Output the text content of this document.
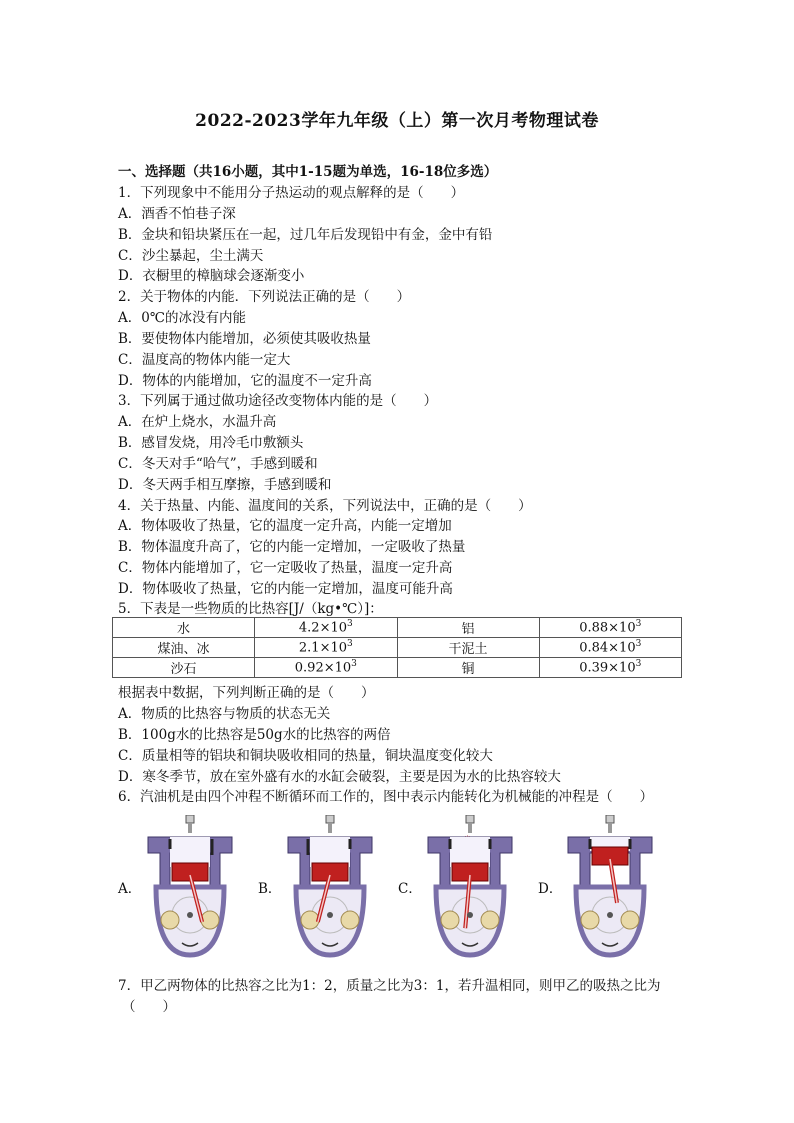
2022-2023学年九年级（上）第一次月考物理试卷
一、选择题（共16小题，其中1-15题为单选，16-18位多选）
1．下列现象中不能用分子热运动的观点解释的是（　　）
A．酒香不怕巷子深
B．金块和铅块紧压在一起，过几年后发现铅中有金，金中有铅
C．沙尘暴起，尘土满天
D．衣橱里的樟脑球会逐渐变小
2．关于物体的内能．下列说法正确的是（　　）
A．0℃的冰没有内能
B．要使物体内能增加，必须使其吸收热量
C．温度高的物体内能一定大
D．物体的内能增加，它的温度不一定升高
3．下列属于通过做功途径改变物体内能的是（　　）
A．在炉上烧水，水温升高
B．感冒发烧，用冷毛巾敷额头
C．冬天对手“哈气”，手感到暖和
D．冬天两手相互摩擦，手感到暖和
4．关于热量、内能、温度间的关系，下列说法中，正确的是（　　）
A．物体吸收了热量，它的温度一定升高，内能一定增加
B．物体温度升高了，它的内能一定增加，一定吸收了热量
C．物体内能增加了，它一定吸收了热量，温度一定升高
D．物体吸收了热量，它的内能一定增加，温度可能升高
5．下表是一些物质的比热容[J/（kg•℃）]：
水	$4.2\times 10^3$	铝	$0.88\times 10^3$
煤油、冰	$2.1\times 10^3$	干泥土	$0.84\times 10^3$
沙石	$0.92\times 10^3$	铜	$0.39\times 10^3$
根据表中数据，下列判断正确的是（　　）
A．物质的比热容与物质的状态无关
B．100g水的比热容是50g水的比热容的两倍
C．质量相等的铝块和铜块吸收相同的热量，铜块温度变化较大
D．寒冬季节，放在室外盛有水的水缸会破裂，主要是因为水的比热容较大
6．汽油机是由四个冲程不断循环而工作的，图中表示内能转化为机械能的冲程是（　　）
A．	B．	C．	D．
7．甲乙两物体的比热容之比为1：2，质量之比为3：1，若升温相同，则甲乙的吸热之比为
（　　）
